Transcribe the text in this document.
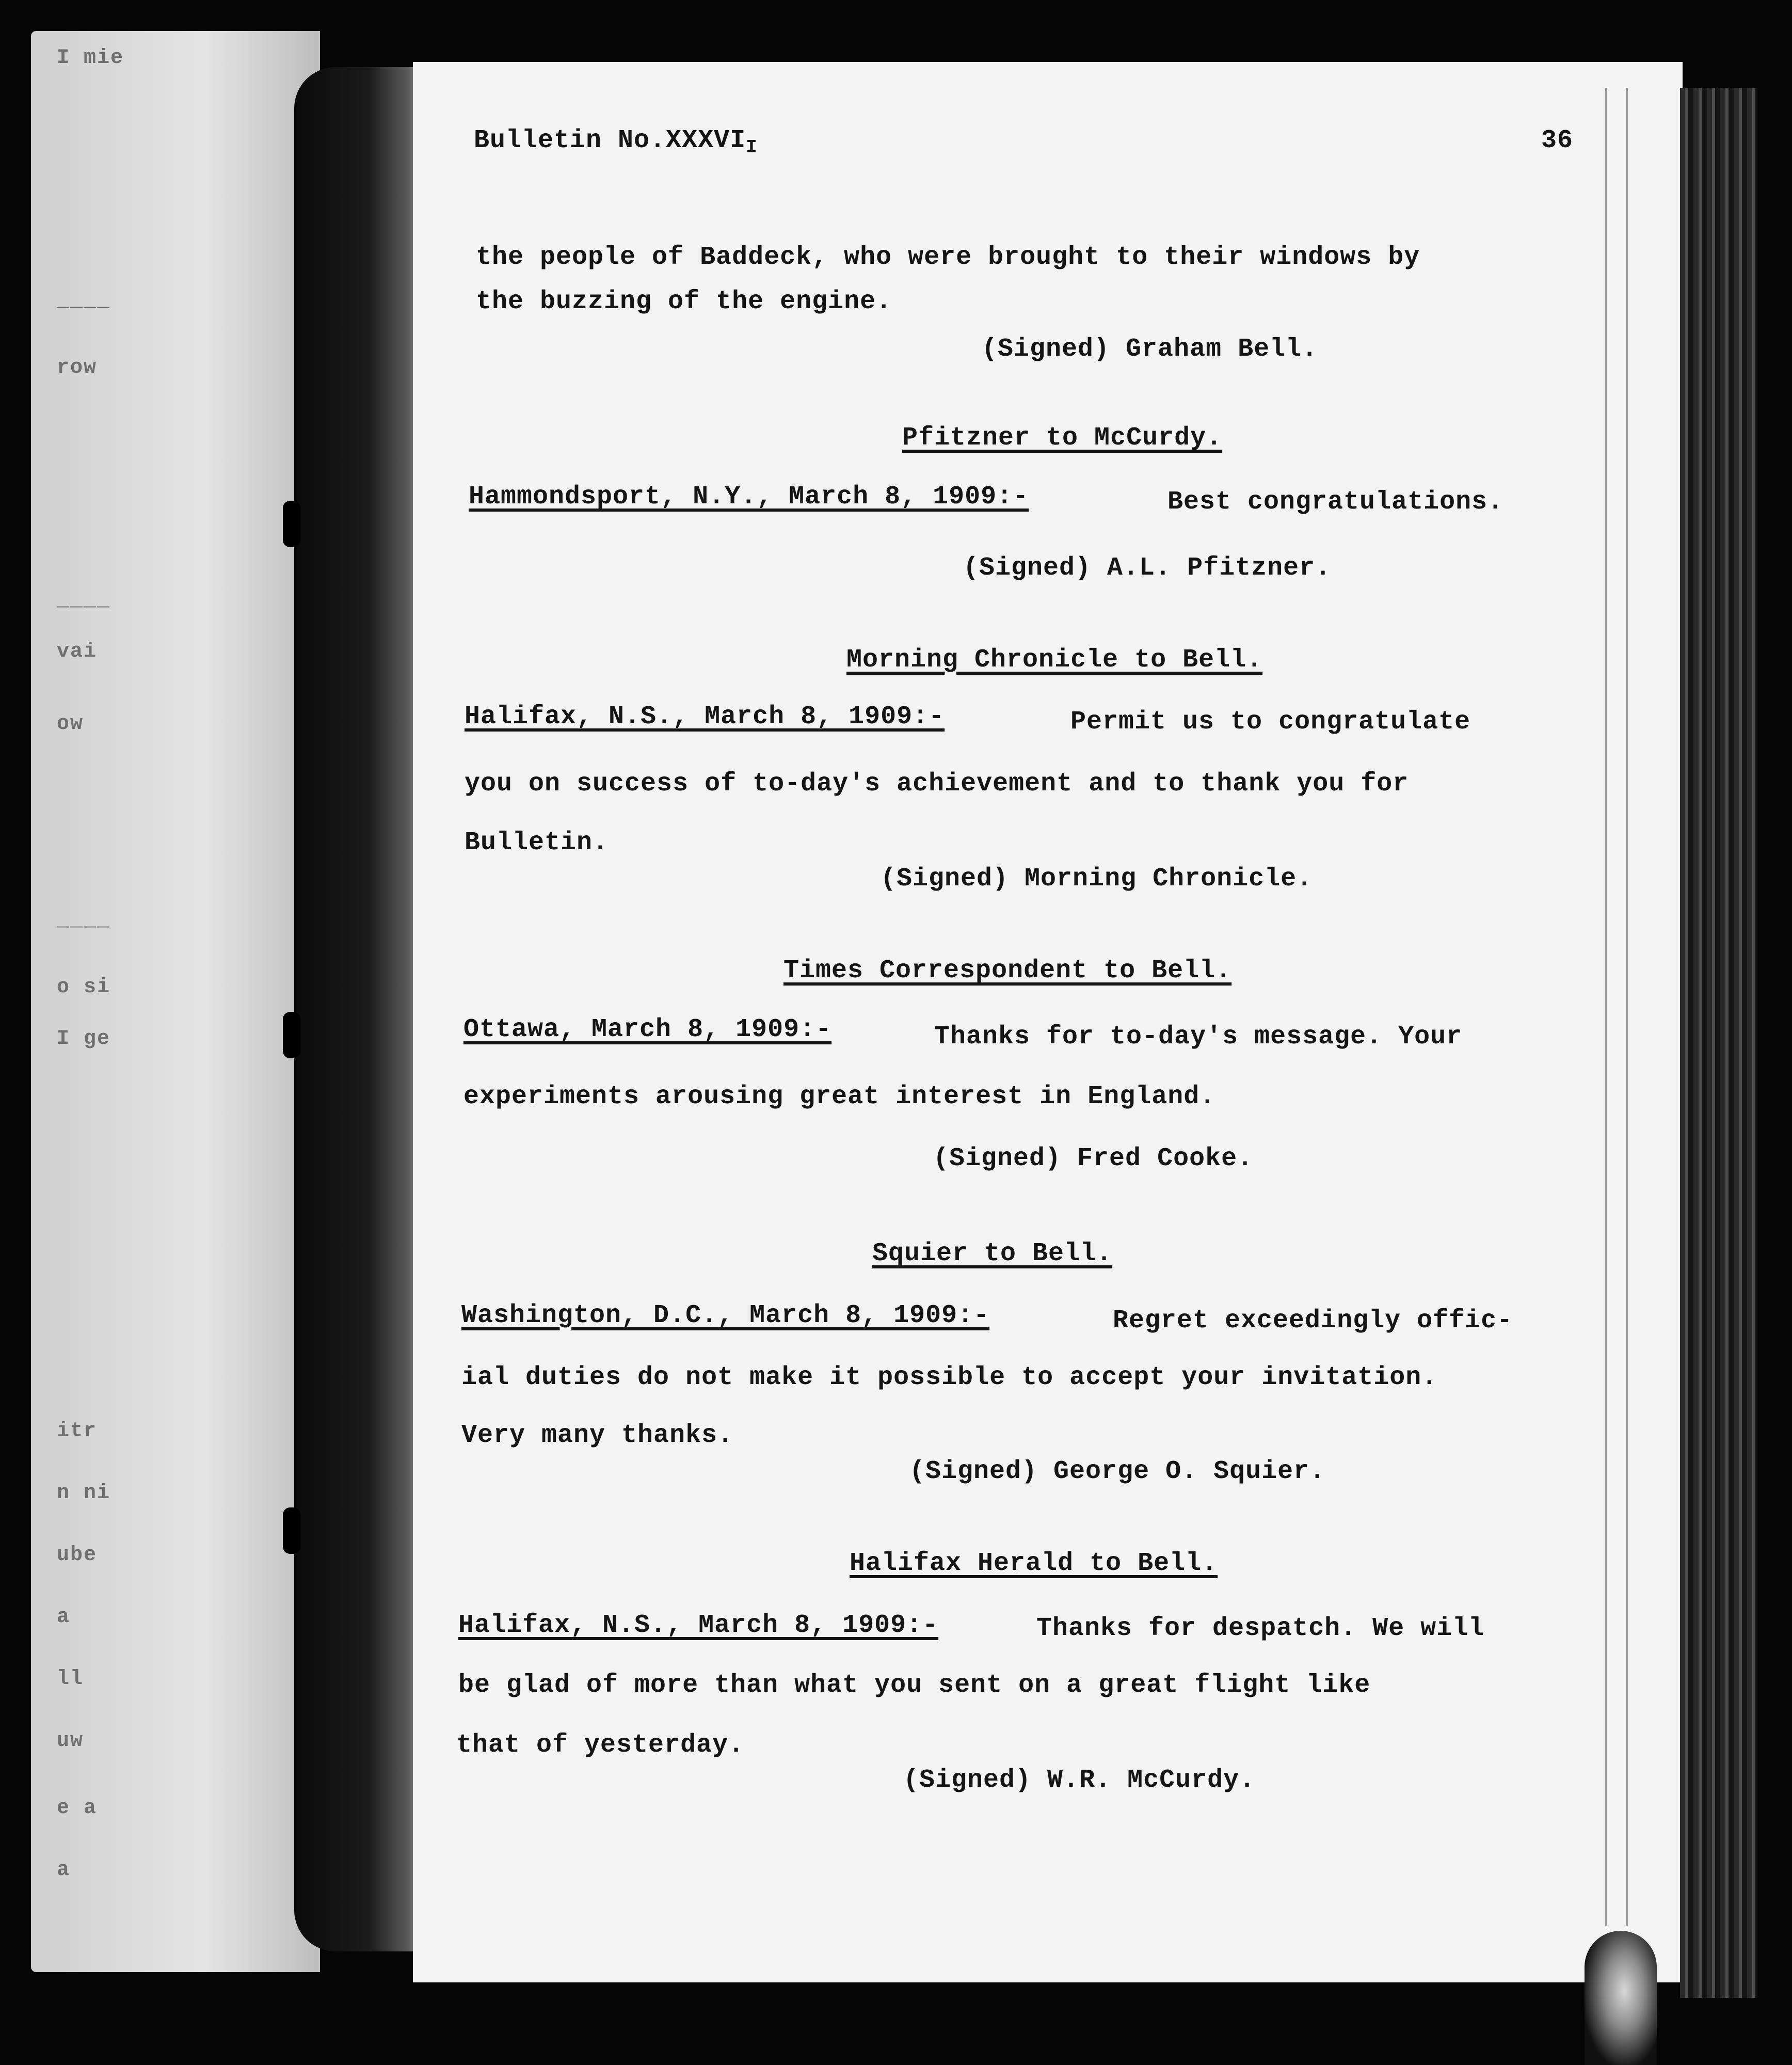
I mie
____
row
____
vai
ow
____
o si
I ge
itr
n ni
ube
a
ll
uw
e a
a
Bulletin $No.XXXVI_I$	36
the people of Baddeck, who were brought to their windows by
the buzzing of the engine.
(Signed) Graham Bell.
Pfitzner to McCurdy.
Hammondsport, N.Y., March 8, 1909:-	Best congratulations.
(Signed) A.L. Pfitzner.
Morning Chronicle to Bell.
Halifax, N.S., March 8, 1909:-	Permit us to congratulate
you on success of to-day's achievement and to thank you for
Bulletin.
(Signed) Morning Chronicle.
Times Correspondent to Bell.
Ottawa, March 8, 1909:-	Thanks for to-day's message. Your
experiments arousing great interest in England.
(Signed) Fred Cooke.
Squier to Bell.
Washington, D.C., March 8, 1909:-	Regret exceedingly offic-
ial duties do not make it possible to accept your invitation.
Very many thanks.
(Signed) George O. Squier.
Halifax Herald to Bell.
Halifax, N.S., March 8, 1909:-	Thanks for despatch. We will
be glad of more than what you sent on a great flight like
that of yesterday.
(Signed) W.R. McCurdy.
